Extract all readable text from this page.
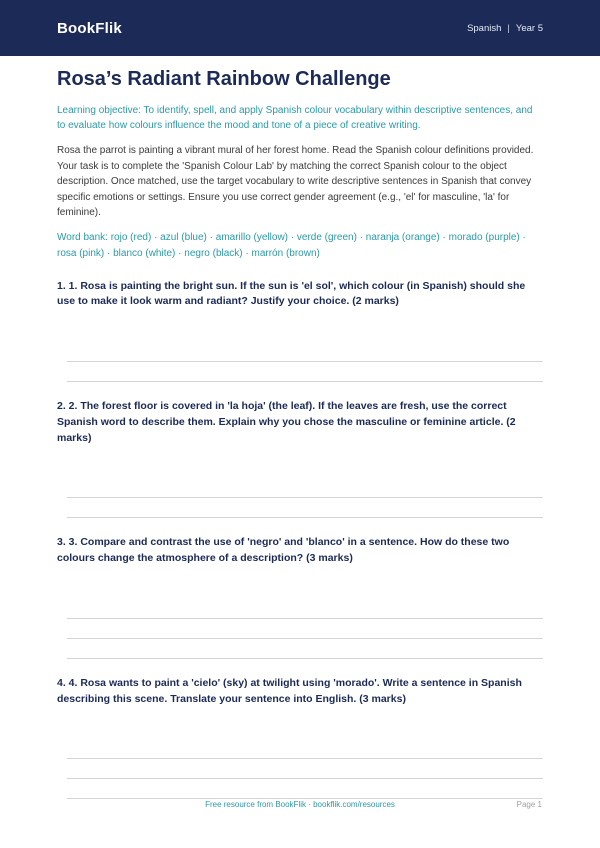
BookFlik	Spanish | Year 5
Rosa’s Radiant Rainbow Challenge

Learning objective: To identify, spell, and apply Spanish colour vocabulary within descriptive sentences, and to evaluate how colours influence the mood and tone of a piece of creative writing.

Rosa the parrot is painting a vibrant mural of her forest home. Read the Spanish colour definitions provided. Your task is to complete the 'Spanish Colour Lab' by matching the correct Spanish colour to the object description. Once matched, use the target vocabulary to write descriptive sentences in Spanish that convey specific emotions or settings. Ensure you use correct gender agreement (e.g., 'el' for masculine, 'la' for feminine).

Word bank: rojo (red) · azul (blue) · amarillo (yellow) · verde (green) · naranja (orange) · morado (purple) · rosa (pink) · blanco (white) · negro (black) · marrón (brown)

1. 1. Rosa is painting the bright sun. If the sun is 'el sol', which colour (in Spanish) should she use to make it look warm and radiant? Justify your choice. (2 marks)

2. 2. The forest floor is covered in 'la hoja' (the leaf). If the leaves are fresh, use the correct Spanish word to describe them. Explain why you chose the masculine or feminine article. (2 marks)

3. 3. Compare and contrast the use of 'negro' and 'blanco' in a sentence. How do these two colours change the atmosphere of a description? (3 marks)

4. 4. Rosa wants to paint a 'cielo' (sky) at twilight using 'morado'. Write a sentence in Spanish describing this scene. Translate your sentence into English. (3 marks)

Free resource from BookFlik · bookflik.com/resources	Page 1
